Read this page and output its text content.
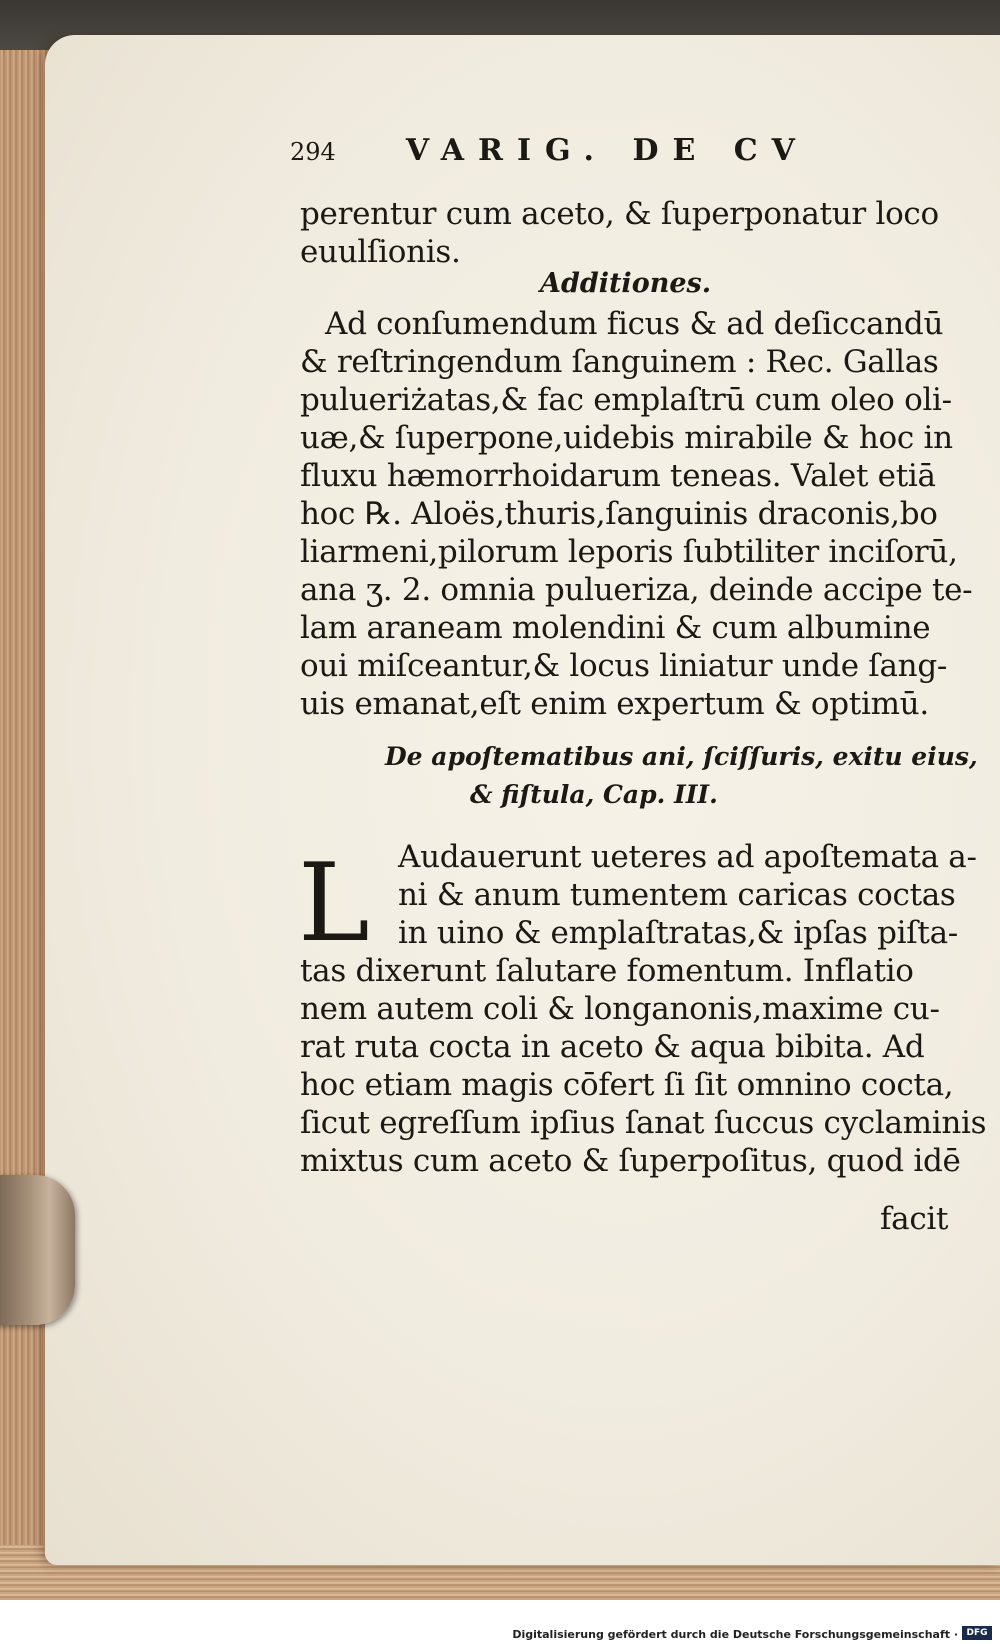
294 VARIG. DE CV
perentur cum aceto, & ſuperponatur loco
euulſionis.
Additiones.
Ad conſumendum ficus & ad deſiccandū
& reſtringendum ſanguinem : Rec. Gallas
pulueriżatas,& fac emplaſtrū cum oleo oli-
uæ,& ſuperpone,uidebis mirabile & hoc in
fluxu hæmorrhoidarum teneas. Valet etiā
hoc ℞. Aloës,thuris,ſanguinis draconis,bo
liarmeni,pilorum leporis ſubtiliter inciſorū,
ana ʒ. 2. omnia pulueriza, deinde accipe te-
lam araneam molendini & cum albumine
oui miſceantur,& locus liniatur unde ſang-
uis emanat,eſt enim expertum & optimū.
De apoſtematibus ani, ſciſſuris, exitu eius,
& fiſtula, Cap. III.
L Audauerunt ueteres ad apoſtemata a-
ni & anum tumentem caricas coctas
in uino & emplaſtratas,& ipſas piſta-
tas dixerunt ſalutare fomentum. Inflatio
nem autem coli & longanonis,maxime cu-
rat ruta cocta in aceto & aqua bibita. Ad
hoc etiam magis cōfert ſi ſit omnino cocta,
ſicut egreſſum ipſius ſanat ſuccus cyclaminis
mixtus cum aceto & ſuperpoſitus, quod idē
facit
Digitalisierung gefördert durch die Deutsche Forschungsgemeinschaft · DFG
